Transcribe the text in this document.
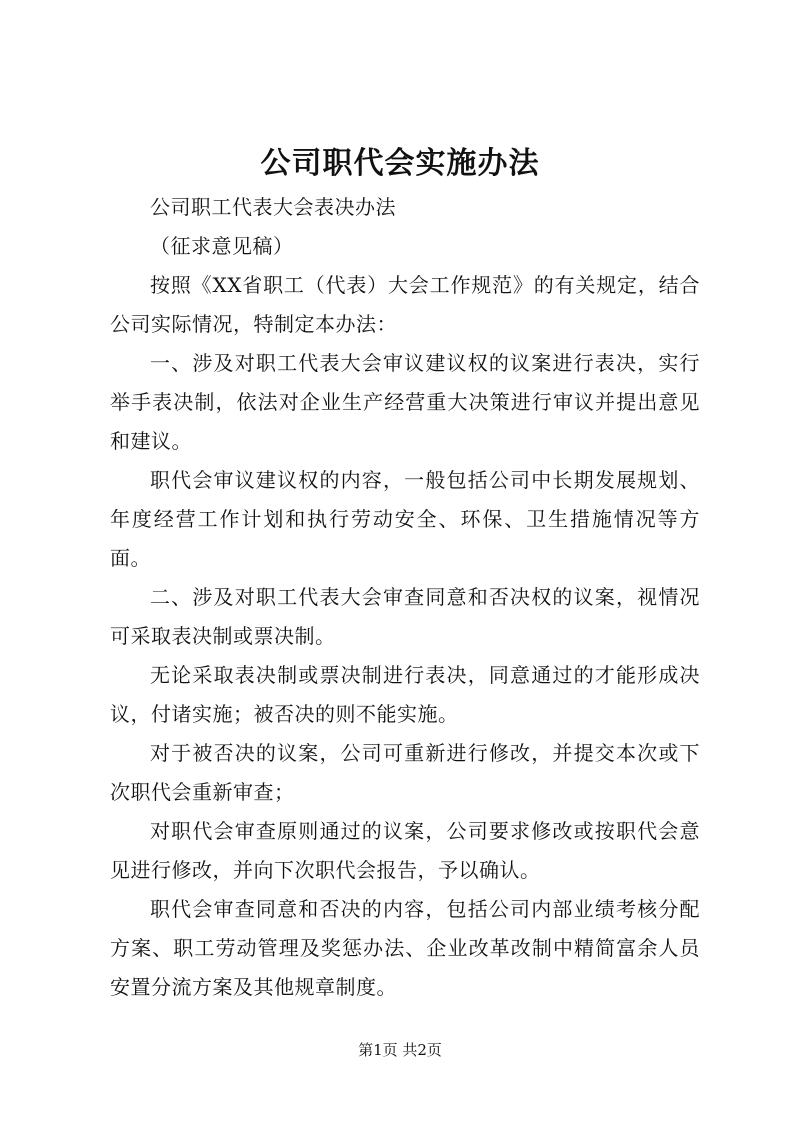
公司职代会实施办法

公司职工代表大会表决办法

（征求意见稿）

按照《XX省职工（代表）大会工作规范》的有关规定，结合公司实际情况，特制定本办法：

一、涉及对职工代表大会审议建议权的议案进行表决，实行举手表决制，依法对企业生产经营重大决策进行审议并提出意见和建议。

职代会审议建议权的内容，一般包括公司中长期发展规划、年度经营工作计划和执行劳动安全、环保、卫生措施情况等方面。

二、涉及对职工代表大会审查同意和否决权的议案，视情况可采取表决制或票决制。

无论采取表决制或票决制进行表决，同意通过的才能形成决议，付诸实施；被否决的则不能实施。

对于被否决的议案，公司可重新进行修改，并提交本次或下次职代会重新审查；

对职代会审查原则通过的议案，公司要求修改或按职代会意见进行修改，并向下次职代会报告，予以确认。

职代会审查同意和否决的内容，包括公司内部业绩考核分配方案、职工劳动管理及奖惩办法、企业改革改制中精简富余人员安置分流方案及其他规章制度。

第1页 共2页
